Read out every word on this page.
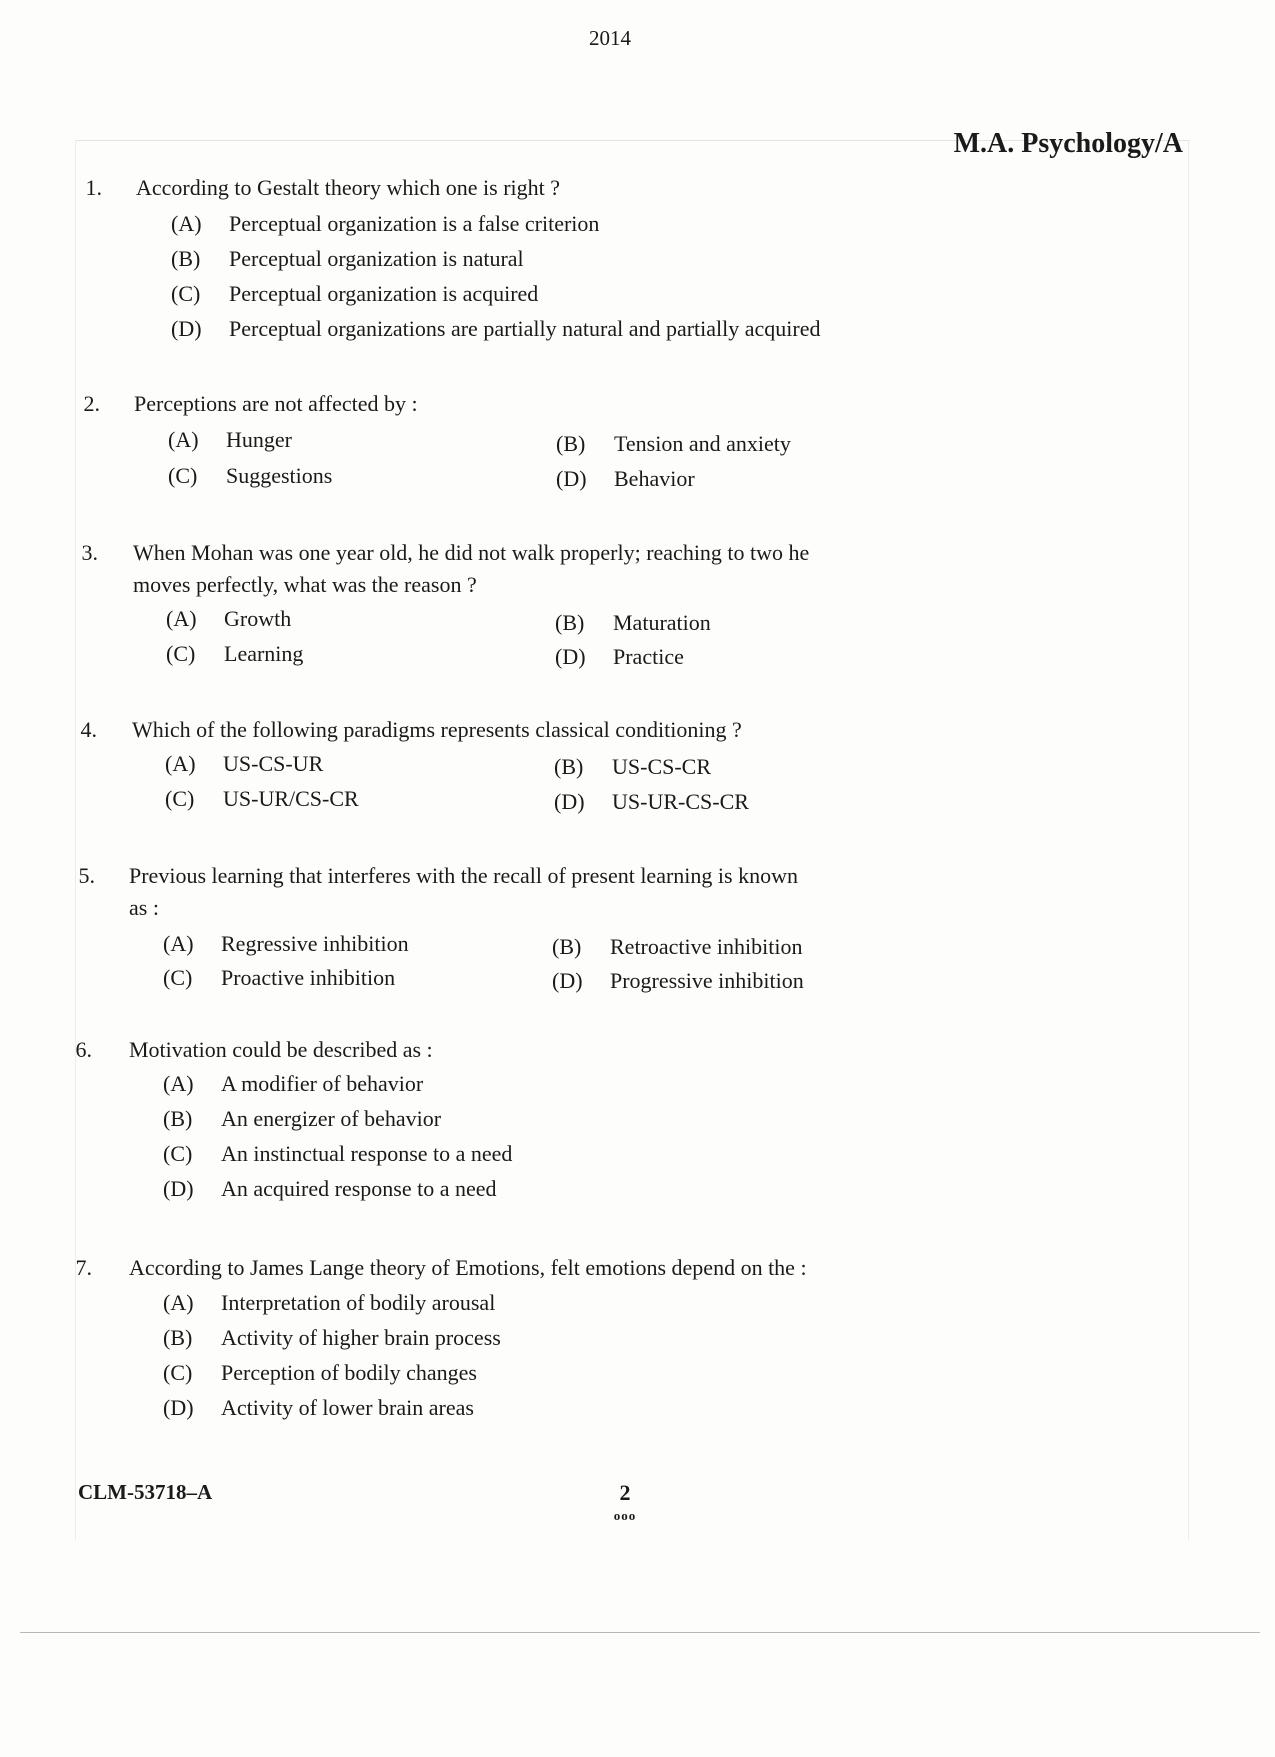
2014
M.A. Psychology/A
1. According to Gestalt theory which one is right ?
(A) Perceptual organization is a false criterion
(B) Perceptual organization is natural
(C) Perceptual organization is acquired
(D) Perceptual organizations are partially natural and partially acquired
2. Perceptions are not affected by :
(A) Hunger	(B) Tension and anxiety
(C) Suggestions	(D) Behavior
3. When Mohan was one year old, he did not walk properly; reaching to two he
moves perfectly, what was the reason ?
(A) Growth	(B) Maturation
(C) Learning	(D) Practice
4. Which of the following paradigms represents classical conditioning ?
(A) US-CS-UR	(B) US-CS-CR
(C) US-UR/CS-CR	(D) US-UR-CS-CR
5. Previous learning that interferes with the recall of present learning is known
as :
(A) Regressive inhibition	(B) Retroactive inhibition
(C) Proactive inhibition	(D) Progressive inhibition
6. Motivation could be described as :
(A) A modifier of behavior
(B) An energizer of behavior
(C) An instinctual response to a need
(D) An acquired response to a need
7. According to James Lange theory of Emotions, felt emotions depend on the :
(A) Interpretation of bodily arousal
(B) Activity of higher brain process
(C) Perception of bodily changes
(D) Activity of lower brain areas
CLM-53718–A	2
ooo
